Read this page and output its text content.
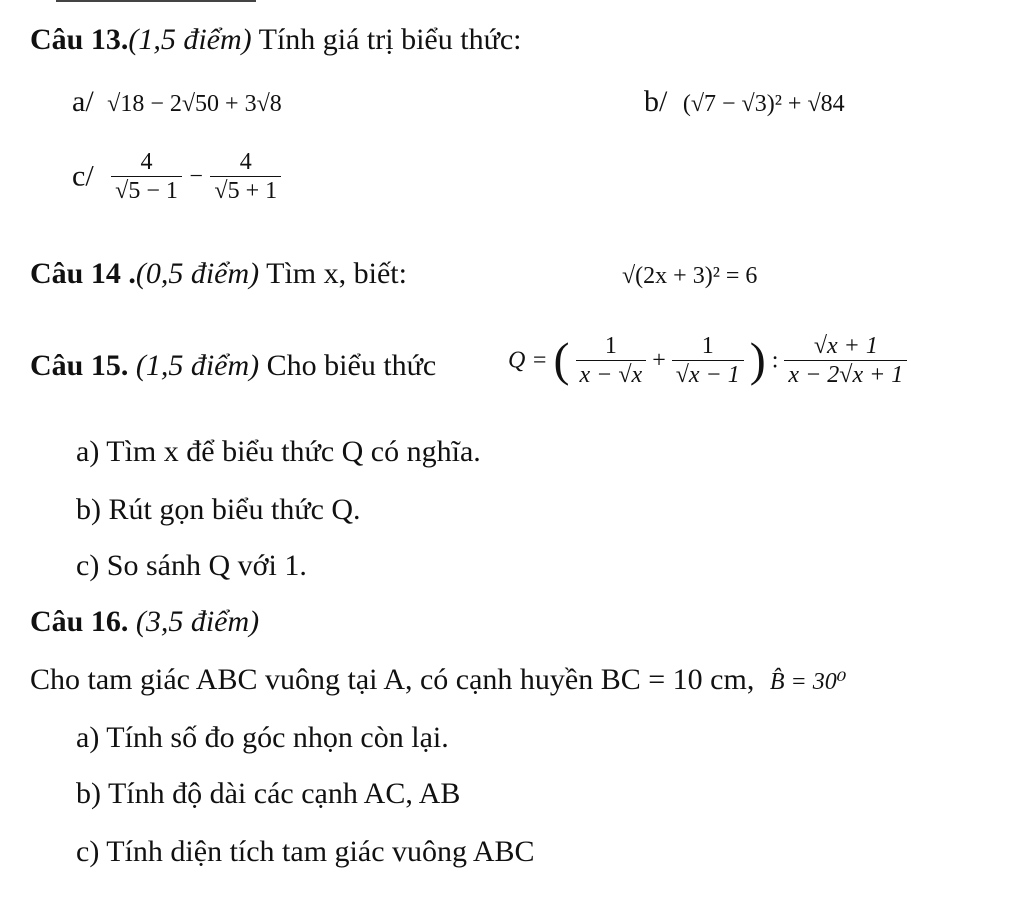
Câu 13.(1,5 điểm) Tính giá trị biểu thức:
a/ √18 − 2√50 + 3√8	b/ (√7 − √3)² + √84
$c/ \frac{4}{√5 - 1} - \frac{4}{√5 + 1}$
Câu 14 .(0,5 điểm) Tìm x, biết:	√(2x + 3)² = 6
Câu 15. (1,5 điểm) Cho biểu thức	Q = ( $\frac{1}{x - √x} + \frac{1}{√x - 1}$ ) : $\frac{√x + 1}{x - 2√x + 1}$
a) Tìm x để biểu thức Q có nghĩa.
b) Rút gọn biểu thức Q.
c) So sánh Q với 1.
Câu 16. (3,5 điểm)
Cho tam giác ABC vuông tại A, có cạnh huyền BC = 10 cm, B̂ = 30⁰
a) Tính số đo góc nhọn còn lại.
b) Tính độ dài các cạnh AC, AB
c) Tính diện tích tam giác vuông ABC
